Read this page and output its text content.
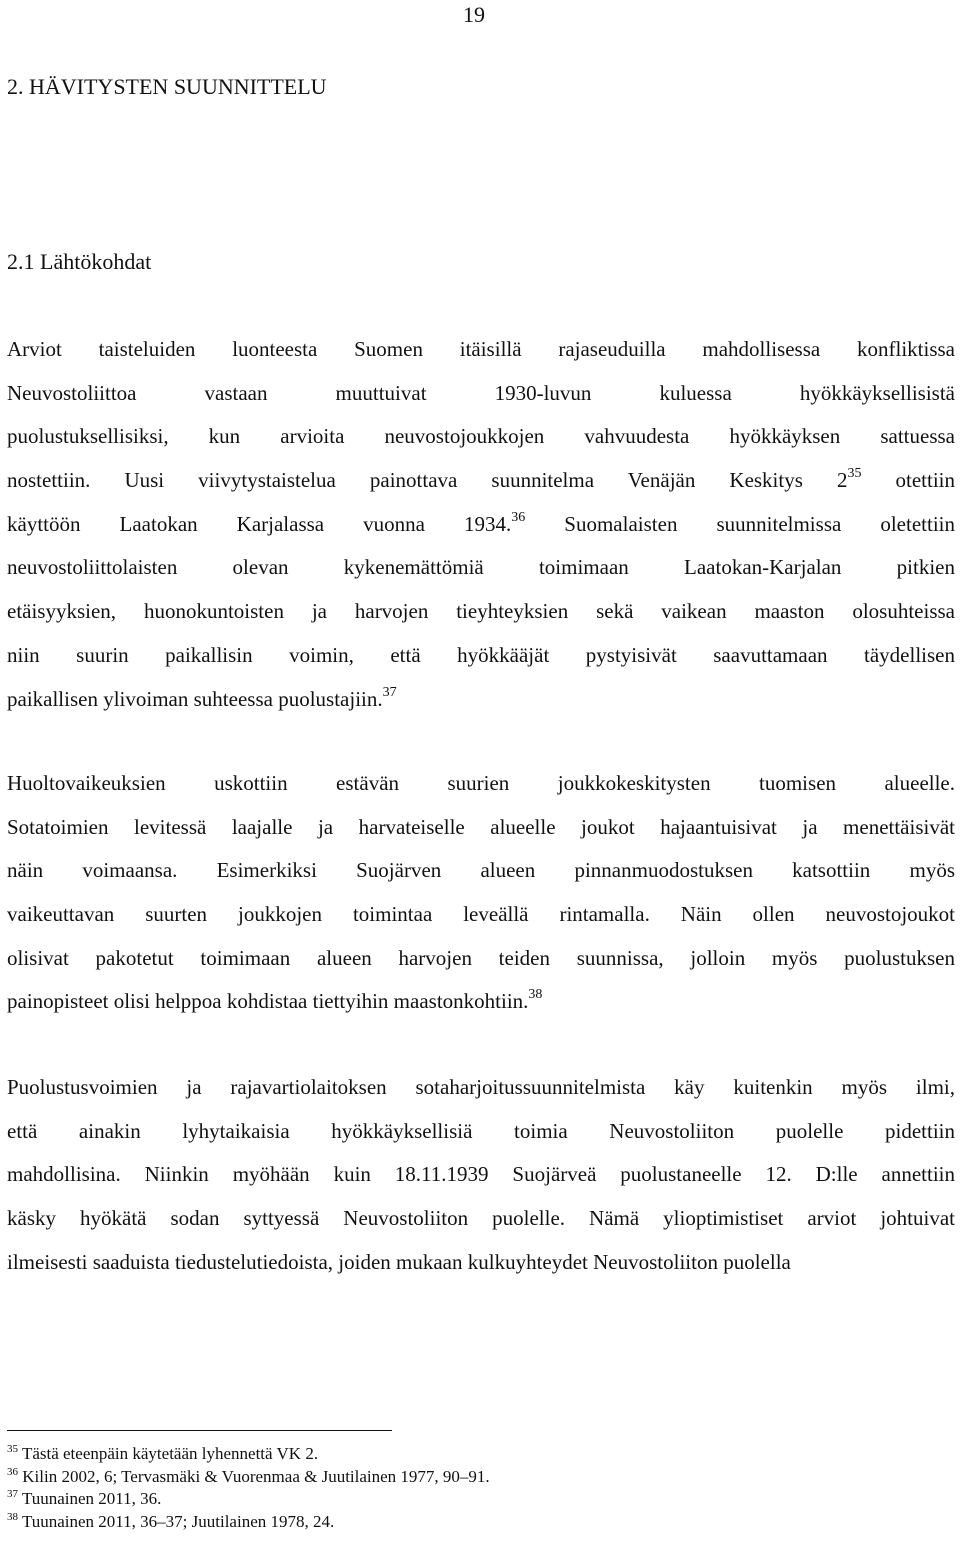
19
2. HÄVITYSTEN SUUNNITTELU
2.1 Lähtökohdat
Arviot taisteluiden luonteesta Suomen itäisillä rajaseuduilla mahdollisessa konfliktissa
Neuvostoliittoa vastaan muuttuivat 1930-luvun kuluessa hyökkäyksellisistä
puolustuksellisiksi, kun arvioita neuvostojoukkojen vahvuudesta hyökkäyksen sattuessa
nostettiin. Uusi viivytystaistelua painottava suunnitelma Venäjän Keskitys $2^{35}$ otettiin
käyttöön Laatokan Karjalassa vuonna 1934.36 Suomalaisten suunnitelmissa oletettiin
neuvostoliittolaisten olevan kykenemättömiä toimimaan Laatokan-Karjalan pitkien
etäisyyksien, huonokuntoisten ja harvojen tieyhteyksien sekä vaikean maaston olosuhteissa
niin suurin paikallisin voimin, että hyökkääjät pystyisivät saavuttamaan täydellisen
paikallisen ylivoiman suhteessa puolustajiin.$^{37}$
Huoltovaikeuksien uskottiin estävän suurien joukkokeskitysten tuomisen alueelle.
Sotatoimien levitessä laajalle ja harvateiselle alueelle joukot hajaantuisivat ja menettäisivät
näin voimaansa. Esimerkiksi Suojärven alueen pinnanmuodostuksen katsottiin myös
vaikeuttavan suurten joukkojen toimintaa leveällä rintamalla. Näin ollen neuvostojoukot
olisivat pakotetut toimimaan alueen harvojen teiden suunnissa, jolloin myös puolustuksen
painopisteet olisi helppoa kohdistaa tiettyihin maastonkohtiin.$^{38}$
Puolustusvoimien ja rajavartiolaitoksen sotaharjoitussuunnitelmista käy kuitenkin myös ilmi,
että ainakin lyhytaikaisia hyökkäyksellisiä toimia Neuvostoliiton puolelle pidettiin
mahdollisina. Niinkin myöhään kuin 18.11.1939 Suojärveä puolustaneelle 12. D:lle annettiin
käsky hyökätä sodan syttyessä Neuvostoliiton puolelle. Nämä ylioptimistiset arviot johtuivat
ilmeisesti saaduista tiedustelutiedoista, joiden mukaan kulkuyhteydet Neuvostoliiton puolella
$^{35}$ Tästä eteenpäin käytetään lyhennettä VK 2.
$^{36}$ Kilin 2002, 6; Tervasmäki & Vuorenmaa & Juutilainen 1977, 90–91.
$^{37}$ Tuunainen 2011, 36.
$^{38}$ Tuunainen 2011, 36–37; Juutilainen 1978, 24.
